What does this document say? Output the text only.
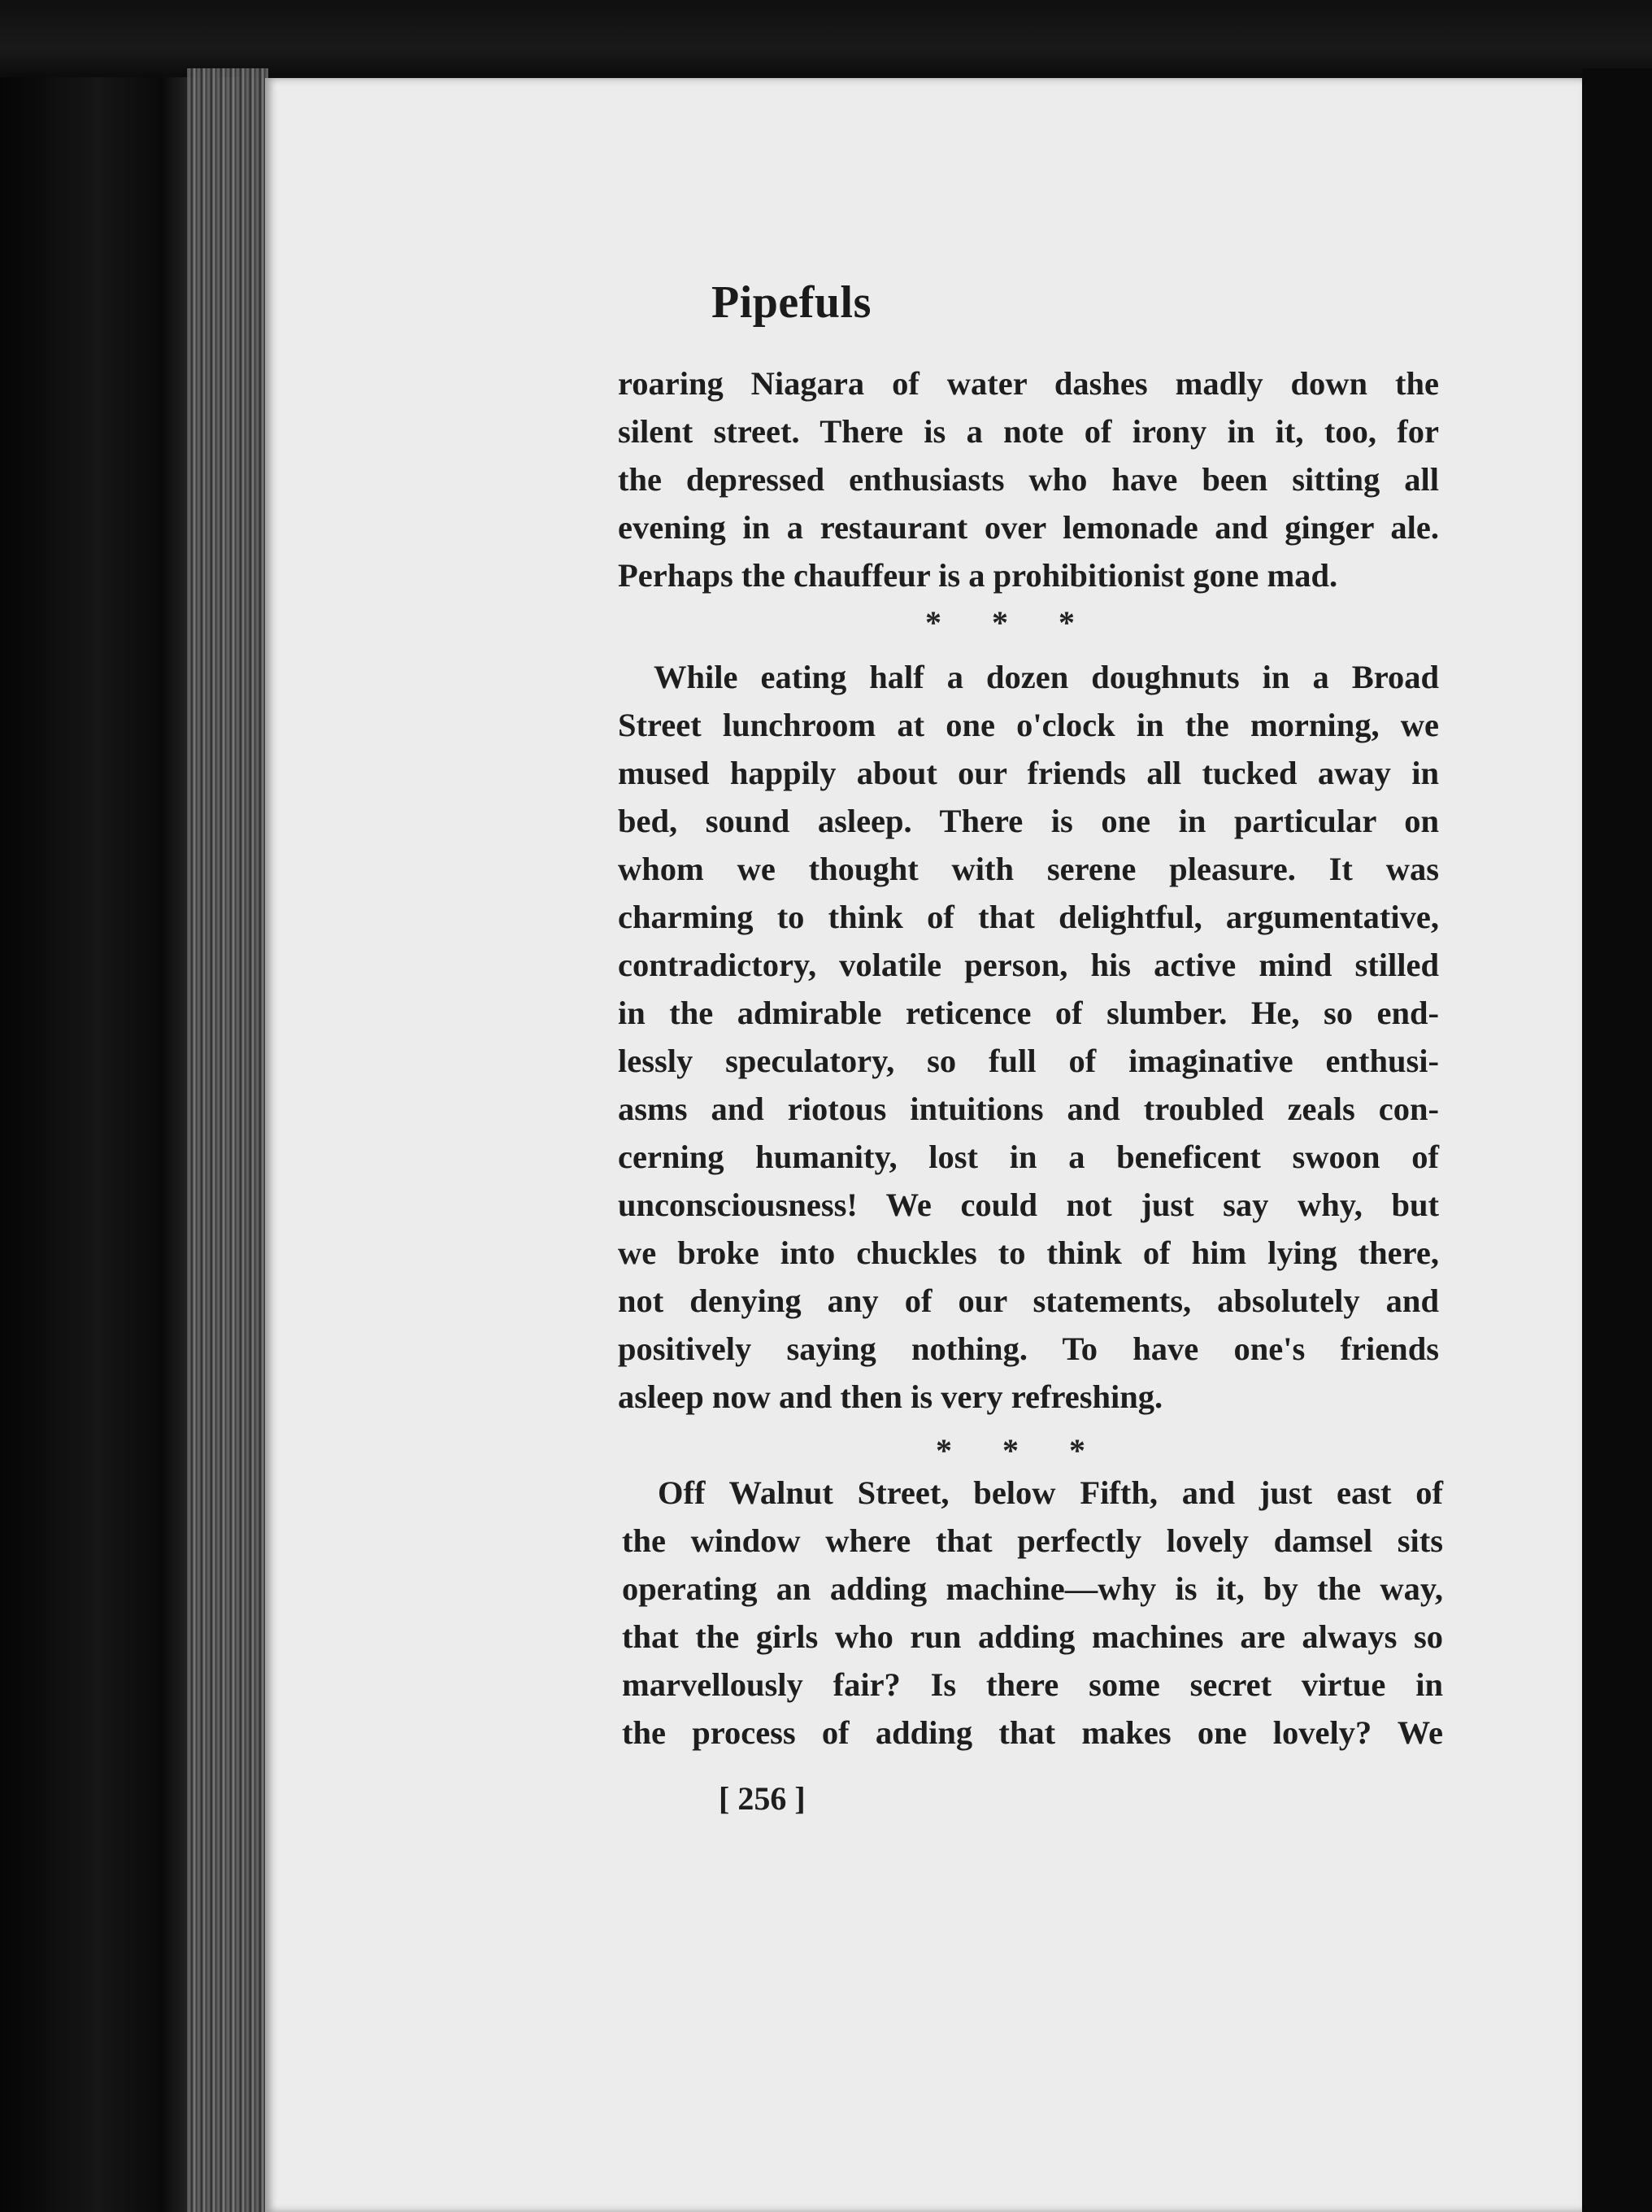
Pipefuls
roaring Niagara of water dashes madly down the
silent street. There is a note of irony in it, too, for
the depressed enthusiasts who have been sitting all
evening in a restaurant over lemonade and ginger ale.
Perhaps the chauffeur is a prohibitionist gone mad.
* * *
While eating half a dozen doughnuts in a Broad
Street lunchroom at one o'clock in the morning, we
mused happily about our friends all tucked away in
bed, sound asleep. There is one in particular on
whom we thought with serene pleasure. It was
charming to think of that delightful, argumentative,
contradictory, volatile person, his active mind stilled
in the admirable reticence of slumber. He, so end-
lessly speculatory, so full of imaginative enthusi-
asms and riotous intuitions and troubled zeals con-
cerning humanity, lost in a beneficent swoon of
unconsciousness! We could not just say why, but
we broke into chuckles to think of him lying there,
not denying any of our statements, absolutely and
positively saying nothing. To have one's friends
asleep now and then is very refreshing.
* * *
Off Walnut Street, below Fifth, and just east of
the window where that perfectly lovely damsel sits
operating an adding machine—why is it, by the way,
that the girls who run adding machines are always so
marvellously fair? Is there some secret virtue in
the process of adding that makes one lovely? We
[ 256 ]
